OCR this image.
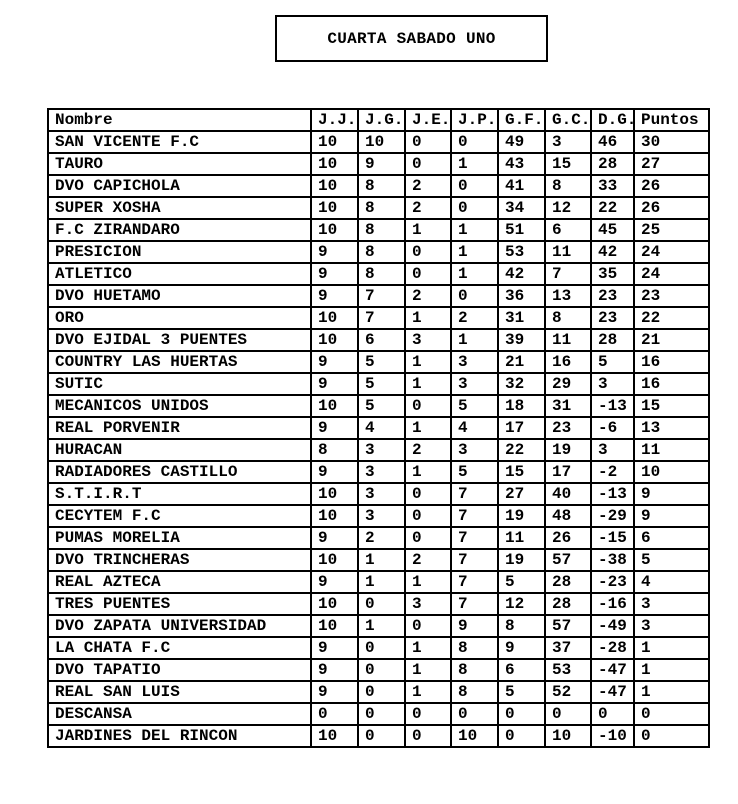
CUARTA SABADO UNO
Nombre	J.J.	J.G.	J.E.	J.P.	G.F.	G.C.	D.G.	Puntos
SAN VICENTE F.C	10	10	0	0	49	3	46	30
TAURO	10	9	0	1	43	15	28	27
DVO CAPICHOLA	10	8	2	0	41	8	33	26
SUPER XOSHA	10	8	2	0	34	12	22	26
F.C ZIRANDARO	10	8	1	1	51	6	45	25
PRESICION	9	8	0	1	53	11	42	24
ATLETICO	9	8	0	1	42	7	35	24
DVO HUETAMO	9	7	2	0	36	13	23	23
ORO	10	7	1	2	31	8	23	22
DVO EJIDAL 3 PUENTES	10	6	3	1	39	11	28	21
COUNTRY LAS HUERTAS	9	5	1	3	21	16	5	16
SUTIC	9	5	1	3	32	29	3	16
MECANICOS UNIDOS	10	5	0	5	18	31	-13	15
REAL PORVENIR	9	4	1	4	17	23	-6	13
HURACAN	8	3	2	3	22	19	3	11
RADIADORES CASTILLO	9	3	1	5	15	17	-2	10
S.T.I.R.T	10	3	0	7	27	40	-13	9
CECYTEM F.C	10	3	0	7	19	48	-29	9
PUMAS MORELIA	9	2	0	7	11	26	-15	6
DVO TRINCHERAS	10	1	2	7	19	57	-38	5
REAL AZTECA	9	1	1	7	5	28	-23	4
TRES PUENTES	10	0	3	7	12	28	-16	3
DVO ZAPATA UNIVERSIDAD	10	1	0	9	8	57	-49	3
LA CHATA F.C	9	0	1	8	9	37	-28	1
DVO TAPATIO	9	0	1	8	6	53	-47	1
REAL SAN LUIS	9	0	1	8	5	52	-47	1
DESCANSA	0	0	0	0	0	0	0	0
JARDINES DEL RINCON	10	0	0	10	0	10	-10	0
